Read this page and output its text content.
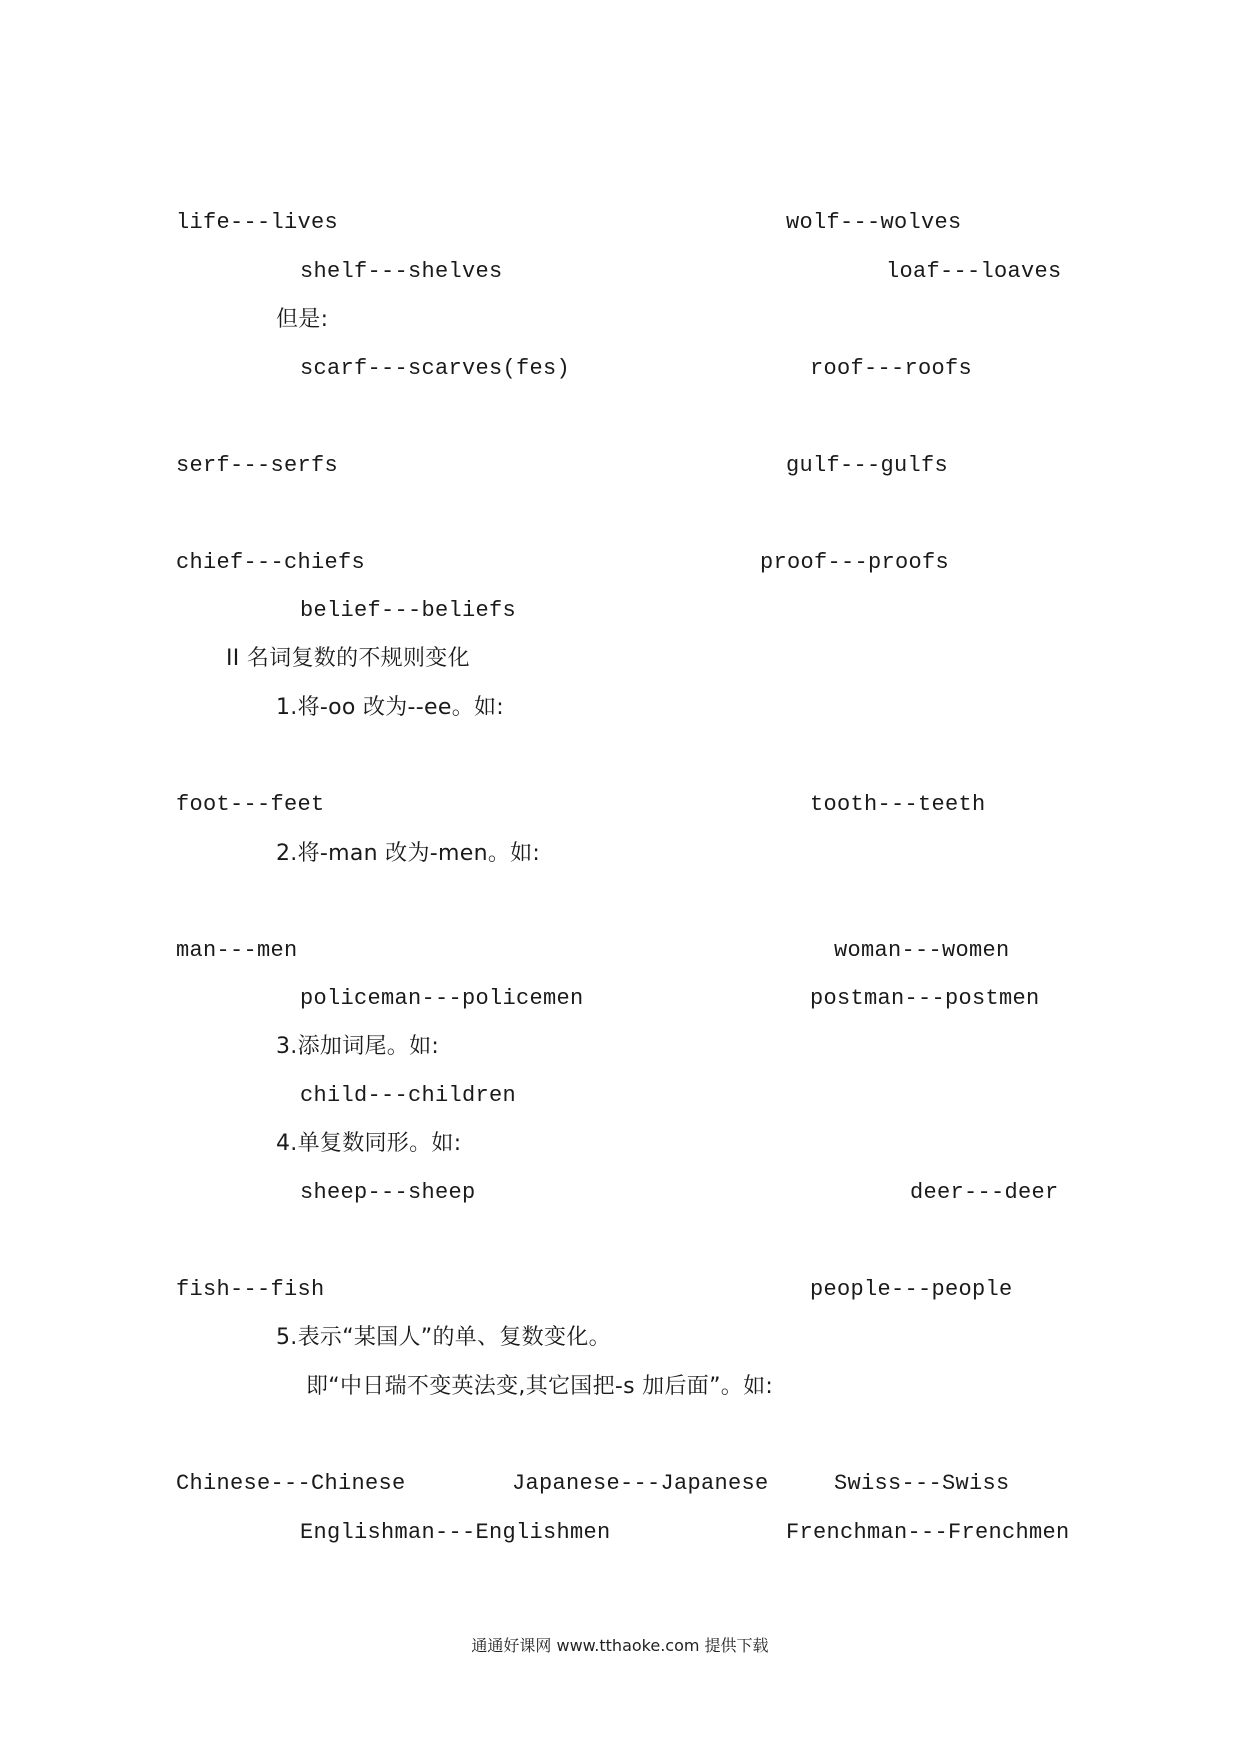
life---lives	wolf---wolves
shelf---shelves	loaf---loaves
但是:
scarf---scarves(fes)	roof---roofs
serf---serfs	gulf---gulfs
chief---chiefs	proof---proofs
belief---beliefs
II 名词复数的不规则变化
1.将-oo 改为--ee。如:
foot---feet	tooth---teeth
2.将-man 改为-men。如:
man---men	woman---women
policeman---policemen	postman---postmen
3.添加词尾。如:
child---children
4.单复数同形。如:
sheep---sheep	deer---deer
fish---fish	people---people
5.表示“某国人”的单、复数变化。
即“中日瑞不变英法变,其它国把-s 加后面”。如:
Chinese---Chinese	Japanese---Japanese	Swiss---Swiss
Englishman---Englishmen	Frenchman---Frenchmen
通通好课网 www.tthaoke.com 提供下载
